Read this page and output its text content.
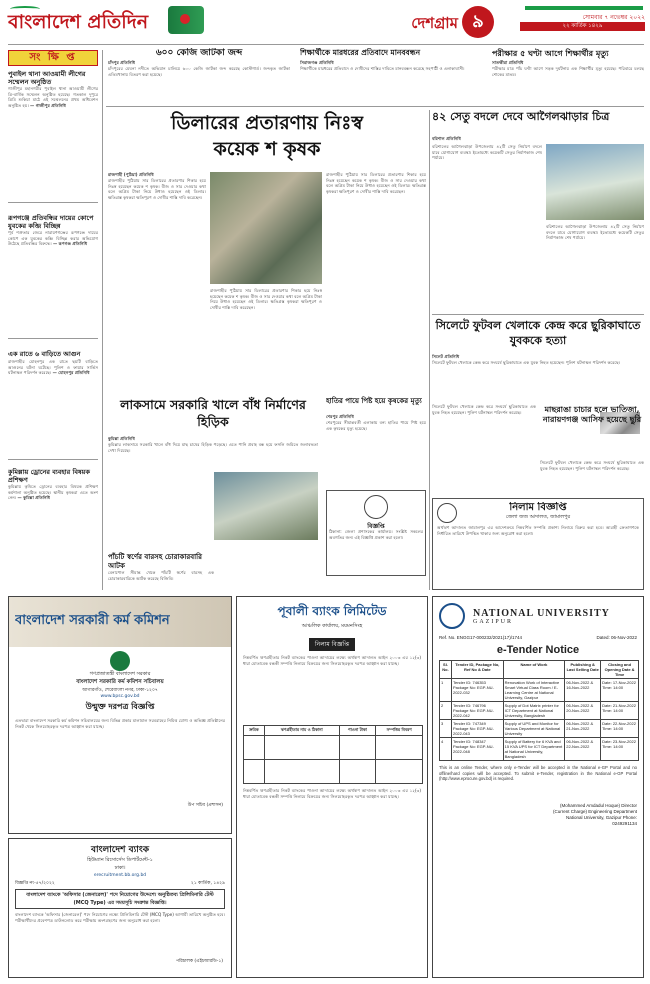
বাংলাদেশ প্রতিদিন	দেশগ্রাম ৯	সোমবার ৭ নভেম্বর ২০২২
২২ কার্তিক ১৪২৯
সং ক্ষি প্ত
পুবাইল থানা আওয়ামী লীগের সম্মেলন অনুষ্ঠিত
গাজীপুর মহানগরীর পুবাইল থানা আওয়ামী লীগের ত্রি-বার্ষিক সম্মেলন অনুষ্ঠিত হয়েছে। গতকাল দুপুরে ত্রিমি শুকিয়া মাঠে এই সম্মেলনের প্রথম অধিবেশন অনুষ্ঠিত হয়। — গাজীপুর প্রতিনিধি
রূপগঞ্জে প্রতিবন্ধির দায়ের কোপে যুবকের কব্জি বিচ্ছিন্ন
পূর্ব শত্রুতার জেরে নারায়ণগঞ্জের রূপগঞ্জে দায়ের কোপে এক যুবকের কব্জি বিচ্ছিন্ন করার অভিযোগ উঠেছে প্রতিবন্ধির বিরুদ্ধে। — রূপগঞ্জ প্রতিনিধি
এক রাতে ৬ বাড়িতে আগুন
রাজশাহীর মোহনপুর এক রাতে ছয়টি বাড়িতে আগুনের ঘটনা ঘটেছে। পুলিশ ও ফায়ার সার্ভিস ঘটনাস্থল পরিদর্শন করেছে। — মোহনপুর প্রতিনিধি
কুমিল্লায় ড্রোনের ব্যবহার বিষয়ক প্রশিক্ষণ
কুমিল্লায় কৃষিতে ড্রোনের ব্যবহার বিষয়ক প্রশিক্ষণ কর্মশালা অনুষ্ঠিত হয়েছে। স্থানীয় কৃষকরা এতে অংশ নেন। — কুমিল্লা প্রতিনিধি
৬০০ কেজি জাটকা জব্দ
চাঁদপুর প্রতিনিধি
চাঁদপুরের মেঘনা নদীতে অভিযান চালিয়ে ৬০০ কেজি জাটকা জব্দ করেছে কোস্টগার্ড। জব্দকৃত জাটকা এতিমখানায় বিতরণ করা হয়েছে।
শিক্ষার্থীকে মারধরের প্রতিবাদে মানববন্ধন
সিরাজগঞ্জ প্রতিনিধি
শিক্ষার্থীকে মারধরের প্রতিবাদে ও দোষীদের শাস্তির দাবিতে মানববন্ধন করেছে সহপাঠী ও এলাকাবাসী।
পরীক্ষার ৫ ঘণ্টা আগে শিক্ষার্থীর মৃত্যু
সাতক্ষীরা প্রতিনিধি
পরীক্ষার মাত্র পাঁচ ঘণ্টা আগে সড়ক দুর্ঘটনায় এক শিক্ষার্থীর মৃত্যু হয়েছে। পরিবারে চলছে শোকের মাতম।
ডিলারের প্রতারণায় নিঃস্ব
কয়েক শ কৃষক
রাজশাহী (পুঠিয়া) প্রতিনিধি
রাজশাহীর পুঠিয়ায় সার ডিলারের প্রতারণার শিকার হয়ে নিঃস্ব হয়েছেন কয়েক শ কৃষক। বীজ ও সার দেওয়ার কথা বলে অগ্রিম টাকা নিয়ে উধাও হয়েছেন ওই ডিলার। ক্ষতিগ্রস্ত কৃষকরা ক্ষতিপূরণ ও দোষীর শাস্তি দাবি করেছেন।
রাজশাহীর পুঠিয়ায় সার ডিলারের প্রতারণার শিকার হয়ে নিঃস্ব হয়েছেন কয়েক শ কৃষক। বীজ ও সার দেওয়ার কথা বলে অগ্রিম টাকা নিয়ে উধাও হয়েছেন ওই ডিলার। ক্ষতিগ্রস্ত কৃষকরা ক্ষতিপূরণ ও দোষীর শাস্তি দাবি করেছেন।
রাজশাহীর পুঠিয়ায় সার ডিলারের প্রতারণার শিকার হয়ে নিঃস্ব হয়েছেন কয়েক শ কৃষক। বীজ ও সার দেওয়ার কথা বলে অগ্রিম টাকা নিয়ে উধাও হয়েছেন ওই ডিলার। ক্ষতিগ্রস্ত কৃষকরা ক্ষতিপূরণ ও দোষীর শাস্তি দাবি করেছেন।
লাকসামে সরকারি খালে বাঁধ নির্মাণের হিড়িক
কুমিল্লা প্রতিনিধি
কুমিল্লার লাকসামে সরকারি খালে বাঁধ দিয়ে মাছ চাষের হিড়িক পড়েছে। এতে পানি প্রবাহ বন্ধ হয়ে ফসলি জমিতে জলাবদ্ধতা দেখা দিয়েছে।
পাঁচটি স্বর্ণের বারসহ চোরাকারবারি আটক
বেনাপোল সীমান্ত থেকে পাঁচটি স্বর্ণের বারসহ এক চোরাকারবারিকে আটক করেছে বিজিবি।
হাতির পায়ে পিষ্ট হয়ে কৃষকের মৃত্যু
শেরপুর প্রতিনিধি
শেরপুরের সীমান্তবর্তী এলাকায় বন্য হাতির পায়ে পিষ্ট হয়ে এক কৃষকের মৃত্যু হয়েছে।
বিজ্ঞপ্তি
ঠিকানা: জেলা প্রশাসকের কার্যালয়। সংশ্লিষ্ট সকলের অবগতির জন্য এই বিজ্ঞপ্তি প্রকাশ করা হলো।
৪২ সেতু বদলে দেবে আগৈলঝাড়ার চিত্র
বরিশাল প্রতিনিধি
বরিশালের আগৈলঝাড়া উপজেলায় ৪২টি সেতু নির্মাণে বদলে যাবে যোগাযোগ ব্যবস্থা। ইতোমধ্যে কয়েকটি সেতুর নির্মাণকাজ শেষ পর্যায়ে।
বরিশালের আগৈলঝাড়া উপজেলায় ৪২টি সেতু নির্মাণে বদলে যাবে যোগাযোগ ব্যবস্থা। ইতোমধ্যে কয়েকটি সেতুর নির্মাণকাজ শেষ পর্যায়ে।
সিলেটে ফুটবল খেলাকে কেন্দ্র করে ছুরিকাঘাতে যুবককে হত্যা
সিলেট প্রতিনিধি
সিলেটে ফুটবল খেলাকে কেন্দ্র করে সংঘর্ষে ছুরিকাঘাতে এক যুবক নিহত হয়েছেন। পুলিশ ঘটনাস্থল পরিদর্শন করেছে।
সিলেটে ফুটবল খেলাকে কেন্দ্র করে সংঘর্ষে ছুরিকাঘাতে এক যুবক নিহত হয়েছেন। পুলিশ ঘটনাস্থল পরিদর্শন করেছে।	মাছরাঙা চাচার হলে ভাতিজা, নারায়ণগঞ্জ আসিফ হয়েছে ছুরি
সিলেটে ফুটবল খেলাকে কেন্দ্র করে সংঘর্ষে ছুরিকাঘাতে এক যুবক নিহত হয়েছেন। পুলিশ ঘটনাস্থল পরিদর্শন করেছে।
নিলাম বিজ্ঞপ্তি
জেলা জজ আদালত, জামালপুর
অর্থঋণ আদালত জামালপুর এর আদেশক্রমে নিম্নবর্ণিত সম্পত্তি প্রকাশ্য নিলামে বিক্রয় করা হবে। আগ্রহী ক্রেতাগণকে নির্ধারিত তারিখে উপস্থিত থাকার জন্য অনুরোধ করা হলো।
বাংলাদেশ সরকারী কর্ম কমিশন
গণপ্রজাতন্ত্রী বাংলাদেশ সরকার
বাংলাদেশ সরকারি কর্ম কমিশন সচিবালয়
আগারগাঁও, শেরেবাংলা নগর, ঢাকা-১২০৭
www.bpsc.gov.bd
উন্মুক্ত দরপত্র বিজ্ঞপ্তি
এতদ্বারা বাংলাদেশ সরকারি কর্ম কমিশন সচিবালয়ের জন্য বিভিন্ন প্রকার মালামাল সরবরাহের নিমিত্ত যোগ্য ও অভিজ্ঞ প্রতিষ্ঠানের নিকট থেকে সিলমোহরকৃত দরপত্র আহ্বান করা যাচ্ছে।
উপ সচিব (প্রশাসন)
বাংলাদেশ ব্যাংক
হিউম্যান রিসোর্সেস ডিপার্টমেন্ট-১
ঢাকা।
erecruitment.bb.org.bd
বিজ্ঞপ্তি নং-৫৭/২০২২	২১ কার্তিক, ১৪২৯
বাংলাদেশ ব্যাংকে 'অফিসার (জেনারেল)' পদে নিয়োগের উদ্দেশ্যে অনুষ্ঠিতব্য প্রিলিমিনারি টেস্ট (MCQ Type) এর সময়সূচি সংক্রান্ত বিজ্ঞপ্তি।
বাংলাদেশ ব্যাংকে 'অফিসার (জেনারেল)' পদে নিয়োগের লক্ষ্যে প্রিলিমিনারি টেস্ট (MCQ Type) আগামী তারিখে অনুষ্ঠিত হবে। পরীক্ষার্থীদের প্রবেশপত্র ডাউনলোড করে পরীক্ষায় অংশগ্রহণের জন্য অনুরোধ করা হলো।
পরিচালক (এইচআরডি-১)
পূবালী ব্যাংক লিমিটেড
আঞ্চলিক কার্যালয়, ময়মনসিংহ
নিলাম বিজ্ঞপ্তি
নিম্নবর্ণিত ঋণগ্রহীতার নিকট ব্যাংকের পাওনা আদায়ের লক্ষ্যে অর্থঋণ আদালত আইন ২০০৩ এর ১২(৩) ধারা মোতাবেক বন্ধকী সম্পত্তি নিলামে বিক্রয়ের জন্য সিলমোহরকৃত দরপত্র আহ্বান করা যাচ্ছে।
ক্রমিক	ঋণগ্রহীতার নাম ও ঠিকানা	পাওনা টাকা	সম্পত্তির বিবরণ

নিম্নবর্ণিত ঋণগ্রহীতার নিকট ব্যাংকের পাওনা আদায়ের লক্ষ্যে অর্থঋণ আদালত আইন ২০০৩ এর ১২(৩) ধারা মোতাবেক বন্ধকী সম্পত্তি নিলামে বিক্রয়ের জন্য সিলমোহরকৃত দরপত্র আহ্বান করা যাচ্ছে।
NATIONAL UNIVERSITY
GAZIPUR
Ref. No. ENGG17-000232/2021(17)/1744	Dated: 06-Nov-2022
e-Tender Notice
Sl. No.	Tender ID, Package No, Ref No & Date	Name of Work	Publishing & Last Selling Date	Closing and Opening Date & Time
1	Tender ID: 746353 Package No: EGP-NU-2022-032	Renovation Work of Interactive Smart Virtual Class Room / E-Learning Centre at National University, Gazipur	06-Nov-2022 & 16-Nov-2022	Date: 17-Nov-2022 Time: 14:00
2	Tender ID: 746796 Package No: EGP-NU-2022-042	Supply of Dot Matrix printer for ICT Department at National University, Bangladesh	06-Nov-2022 & 20-Nov-2022	Date: 21-Nov-2022 Time: 14:00
3	Tender ID: 747349 Package No: EGP-NU-2022-043	Supply of UPS and Monitor for Various Department at National University	06-Nov-2022 & 21-Nov-2022	Date: 22-Nov-2022 Time: 14:00
4	Tender ID: 748347 Package No: EGP-NU-2022-048	Supply of Battery for 6 KVA and 15 KVA UPS for ICT Department at National University, Bangladesh	06-Nov-2022 & 22-Nov-2022	Date: 23-Nov-2022 Time: 14:00
This is an online Tender, where only e-Tender will be accepted in the National e-GP Portal and no offline/hard copies will be accepted. To submit e-Tender, registration in the National e-GP Portal (http://www.eprocure.gov.bd) is required.
(Mohammed Amdadul Hoque) Director (Current Charge) Engineering Department National University, Gazipur Phone: 0249291134
